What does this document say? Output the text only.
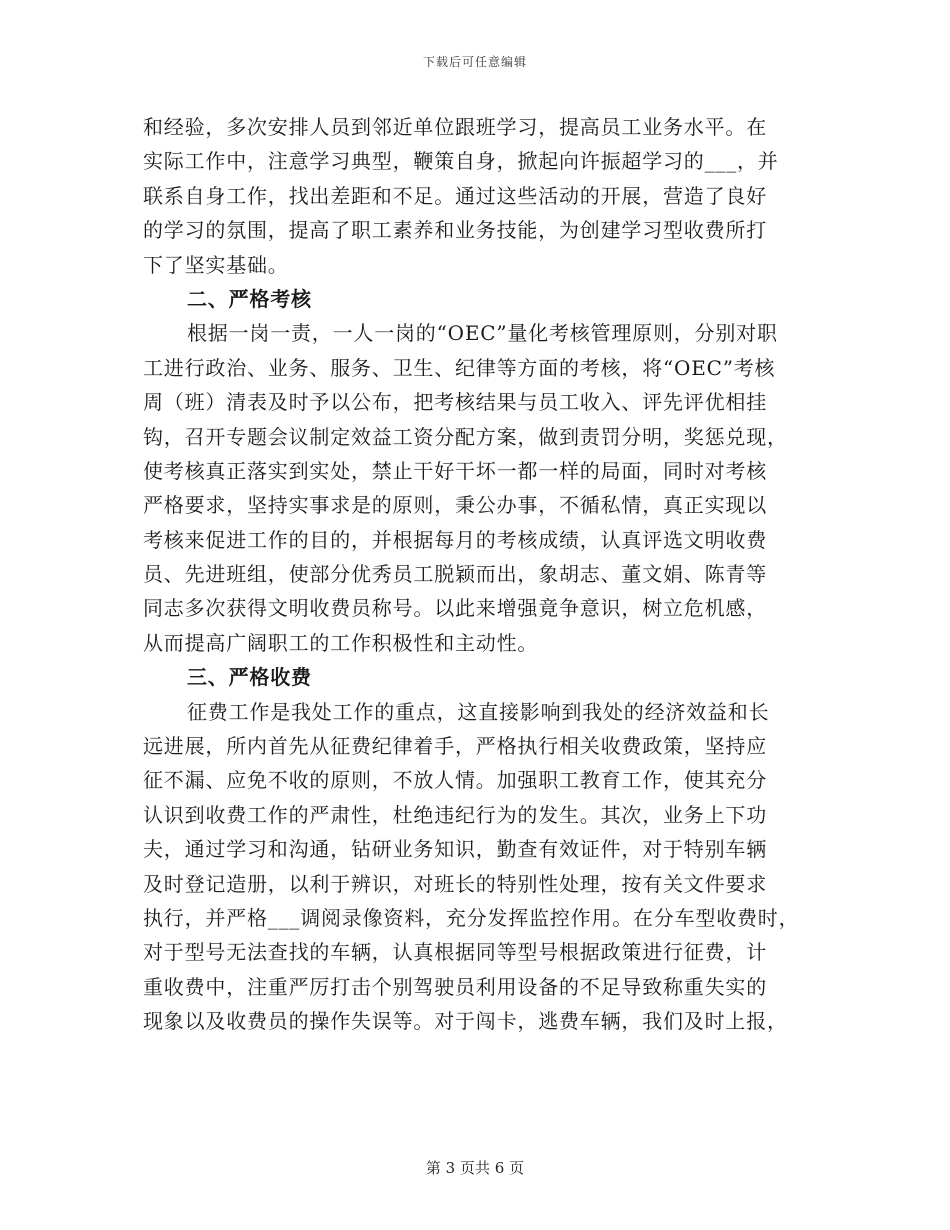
下载后可任意编辑
和经验，多次安排人员到邻近单位跟班学习，提高员工业务水平。在
实际工作中，注意学习典型，鞭策自身，掀起向许振超学习的___，并
联系自身工作，找出差距和不足。通过这些活动的开展，营造了良好
的学习的氛围，提高了职工素养和业务技能，为创建学习型收费所打
下了坚实基础。
二、严格考核
根据一岗一责，一人一岗的“OEC”量化考核管理原则，分别对职
工进行政治、业务、服务、卫生、纪律等方面的考核，将“OEC”考核
周（班）清表及时予以公布，把考核结果与员工收入、评先评优相挂
钩，召开专题会议制定效益工资分配方案，做到责罚分明，奖惩兑现，
使考核真正落实到实处，禁止干好干坏一都一样的局面，同时对考核
严格要求，坚持实事求是的原则，秉公办事，不循私情，真正实现以
考核来促进工作的目的，并根据每月的考核成绩，认真评选文明收费
员、先进班组，使部分优秀员工脱颖而出，象胡志、董文娟、陈青等
同志多次获得文明收费员称号。以此来增强竟争意识，树立危机感，
从而提高广阔职工的工作积极性和主动性。
三、严格收费
征费工作是我处工作的重点，这直接影响到我处的经济效益和长
远进展，所内首先从征费纪律着手，严格执行相关收费政策，坚持应
征不漏、应免不收的原则，不放人情。加强职工教育工作，使其充分
认识到收费工作的严肃性，杜绝违纪行为的发生。其次，业务上下功
夫，通过学习和沟通，钻研业务知识，勤查有效证件，对于特别车辆
及时登记造册，以利于辨识，对班长的特别性处理，按有关文件要求
执行，并严格___调阅录像资料，充分发挥监控作用。在分车型收费时，
对于型号无法查找的车辆，认真根据同等型号根据政策进行征费，计
重收费中，注重严厉打击个别驾驶员利用设备的不足导致称重失实的
现象以及收费员的操作失误等。对于闯卡，逃费车辆，我们及时上报，
第 3 页共 6 页
